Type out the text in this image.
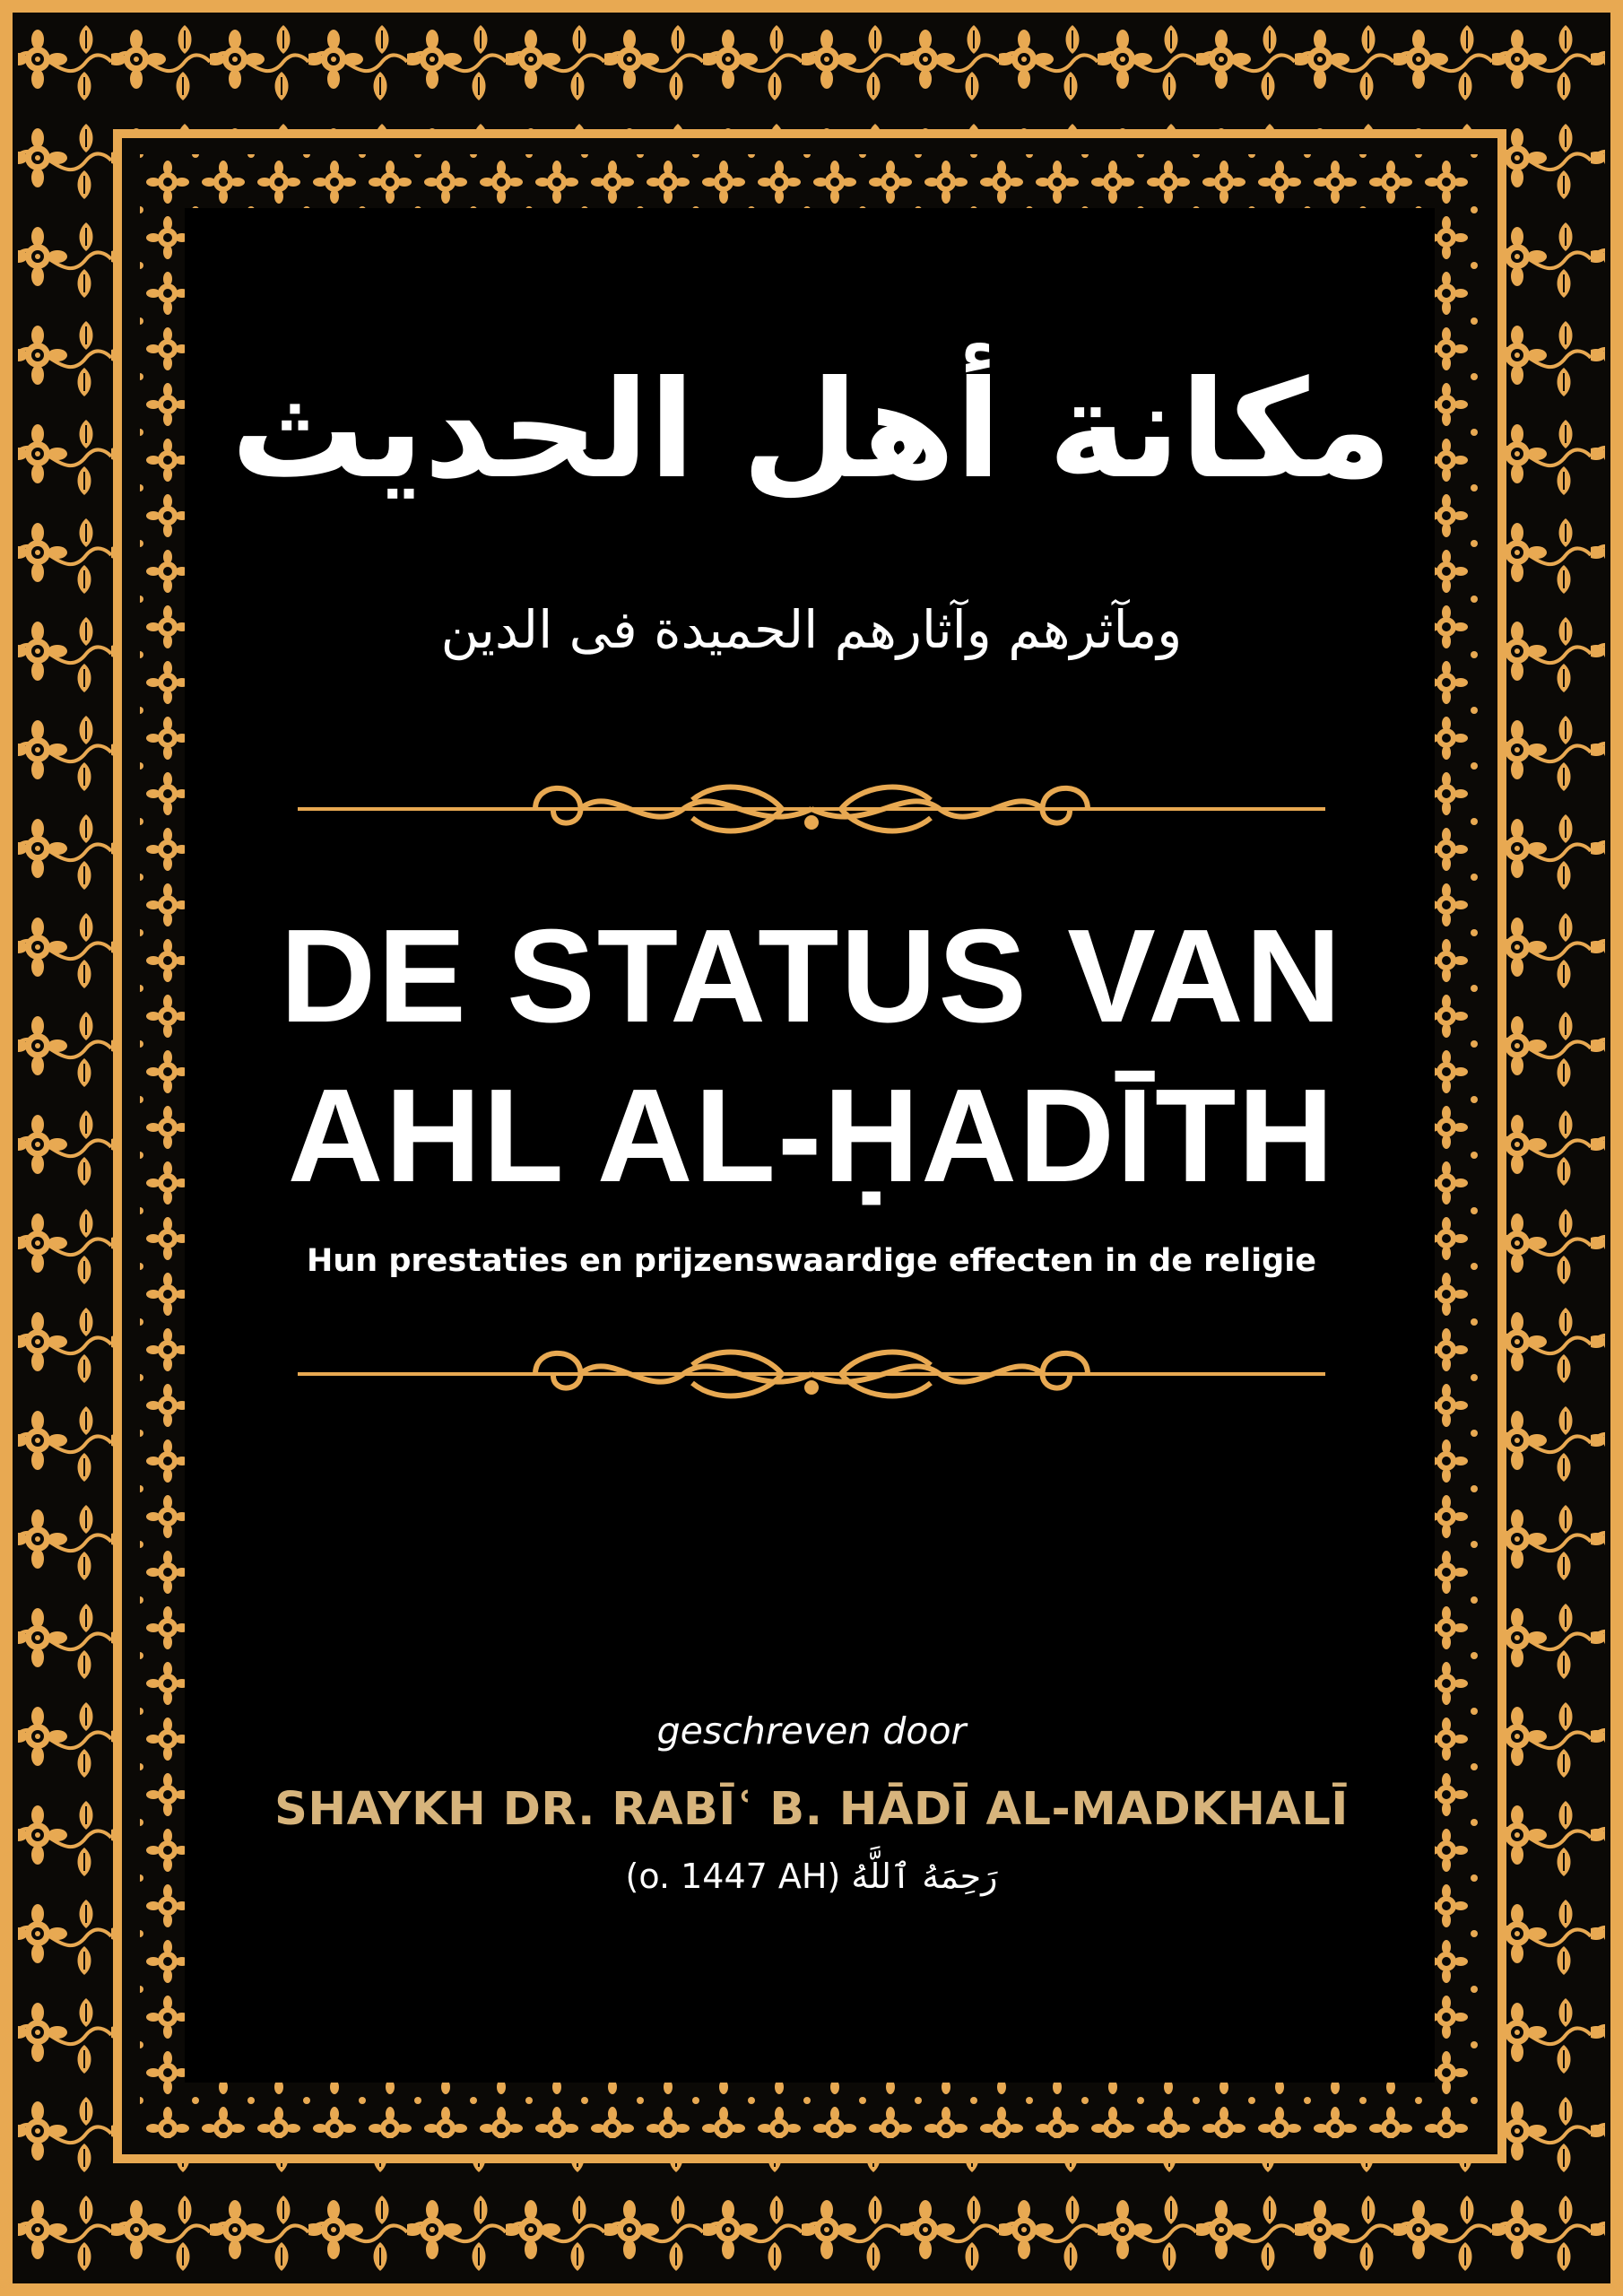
مكانة أهل الحديث
ومآثرهم وآثارهم الحميدة فى الدين
DE STATUS VAN
AHL AL-ḤADĪTH
Hun prestaties en prijzenswaardige effecten in de religie
geschreven door
SHAYKH DR. RABĪʿ B. HĀDĪ AL-MADKHALĪ
(o. 1447 AH) رَحِمَهُ ٱللَّهُ
